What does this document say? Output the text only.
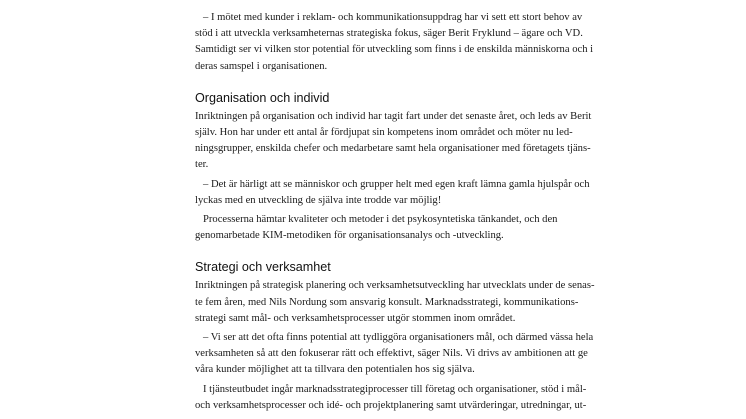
– I mötet med kunder i reklam- och kommunikationsuppdrag har vi sett ett stort behov av
stöd i att utveckla verksamheternas strategiska fokus, säger Berit Fryklund – ägare och VD.
Samtidigt ser vi vilken stor potential för utveckling som finns i de enskilda människorna och i
deras samspel i organisationen.

Organisation och individ

Inriktningen på organisation och individ har tagit fart under det senaste året, och leds av Berit
själv. Hon har under ett antal år fördjupat sin kompetens inom området och möter nu led-
ningsgrupper, enskilda chefer och medarbetare samt hela organisationer med företagets tjäns-
ter.

– Det är härligt att se människor och grupper helt med egen kraft lämna gamla hjulspår och
lyckas med en utveckling de själva inte trodde var möjlig!

Processerna hämtar kvaliteter och metoder i det psykosyntetiska tänkandet, och den
genomarbetade KIM-metodiken för organisationsanalys och -utveckling.

Strategi och verksamhet

Inriktningen på strategisk planering och verksamhetsutveckling har utvecklats under de senas-
te fem åren, med Nils Nordung som ansvarig konsult. Marknadsstrategi, kommunikations-
strategi samt mål- och verksamhetsprocesser utgör stommen inom området.

– Vi ser att det ofta finns potential att tydliggöra organisationers mål, och därmed vässa hela
verksamheten så att den fokuserar rätt och effektivt, säger Nils. Vi drivs av ambitionen att ge
våra kunder möjlighet att ta tillvara den potentialen hos sig själva.

I tjänsteutbudet ingår marknadsstrategiprocesser till företag och organisationer, stöd i mål-
och verksamhetsprocesser och idé- och projektplanering samt utvärderingar, utredningar, ut-
